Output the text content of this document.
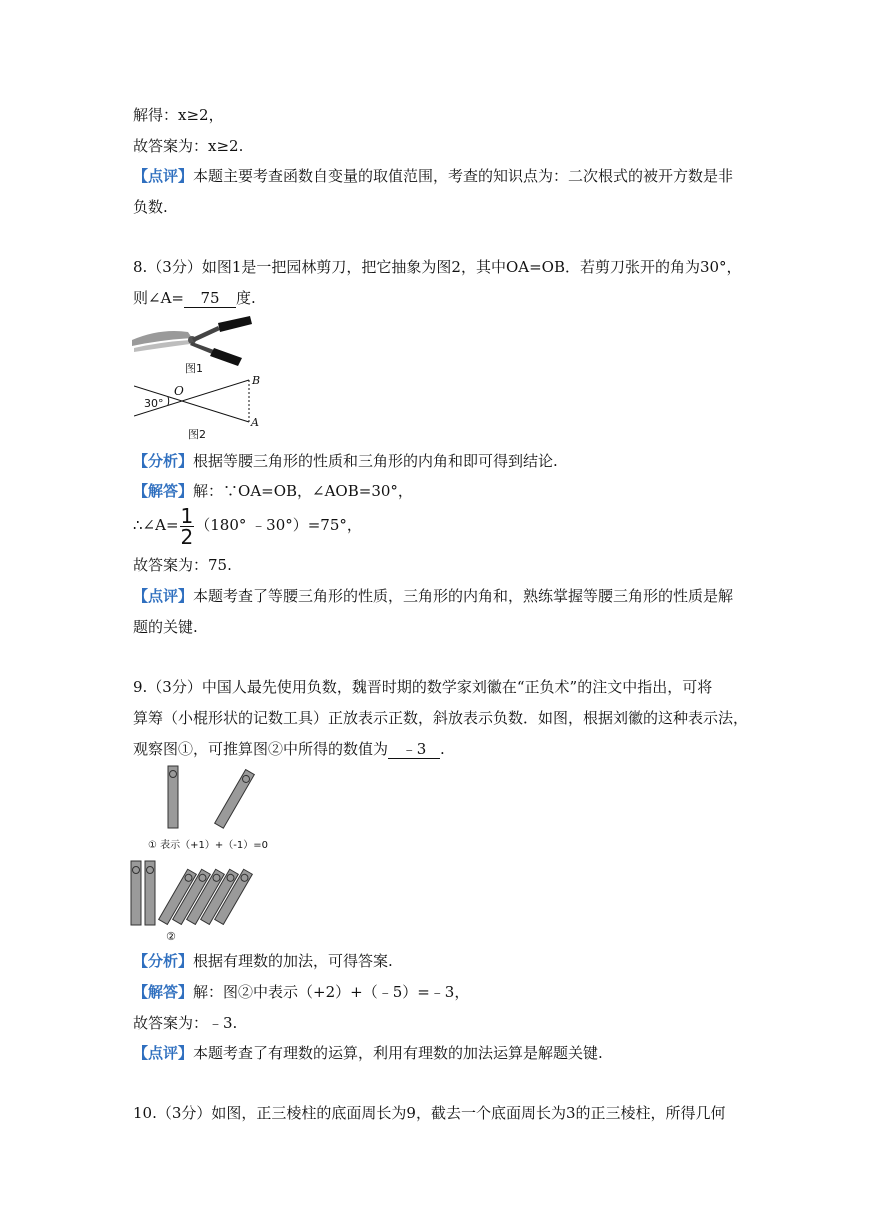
解得：x≥2，
故答案为：x≥2.
【点评】本题主要考查函数自变量的取值范围，考查的知识点为：二次根式的被开方数是非
负数.
8.（3分）如图1是一把园林剪刀，把它抽象为图2，其中OA=OB．若剪刀张开的角为30°，
则∠A= 75 度.
图1
30°
O
B
A
图2
【分析】根据等腰三角形的性质和三角形的内角和即可得到结论.
【解答】解：∵OA=OB，∠AOB=30°，
∴∠A= $\frac{1}{2} (180^\circ$ ﹣30°）=75°，
故答案为：75.
【点评】本题考查了等腰三角形的性质，三角形的内角和，熟练掌握等腰三角形的性质是解
题的关键.
9.（3分）中国人最先使用负数，魏晋时期的数学家刘徽在“正负术”的注文中指出，可将
算筹（小棍形状的记数工具）正放表示正数，斜放表示负数．如图，根据刘徽的这种表示法，
观察图①，可推算图②中所得的数值为 ﹣3 .
① 表示（+1）+（-1）=0
②
【分析】根据有理数的加法，可得答案.
【解答】解：图②中表示（+2）+（﹣5）=﹣3，
故答案为：﹣3.
【点评】本题考查了有理数的运算，利用有理数的加法运算是解题关键.
10.（3分）如图，正三棱柱的底面周长为9，截去一个底面周长为3的正三棱柱，所得几何
